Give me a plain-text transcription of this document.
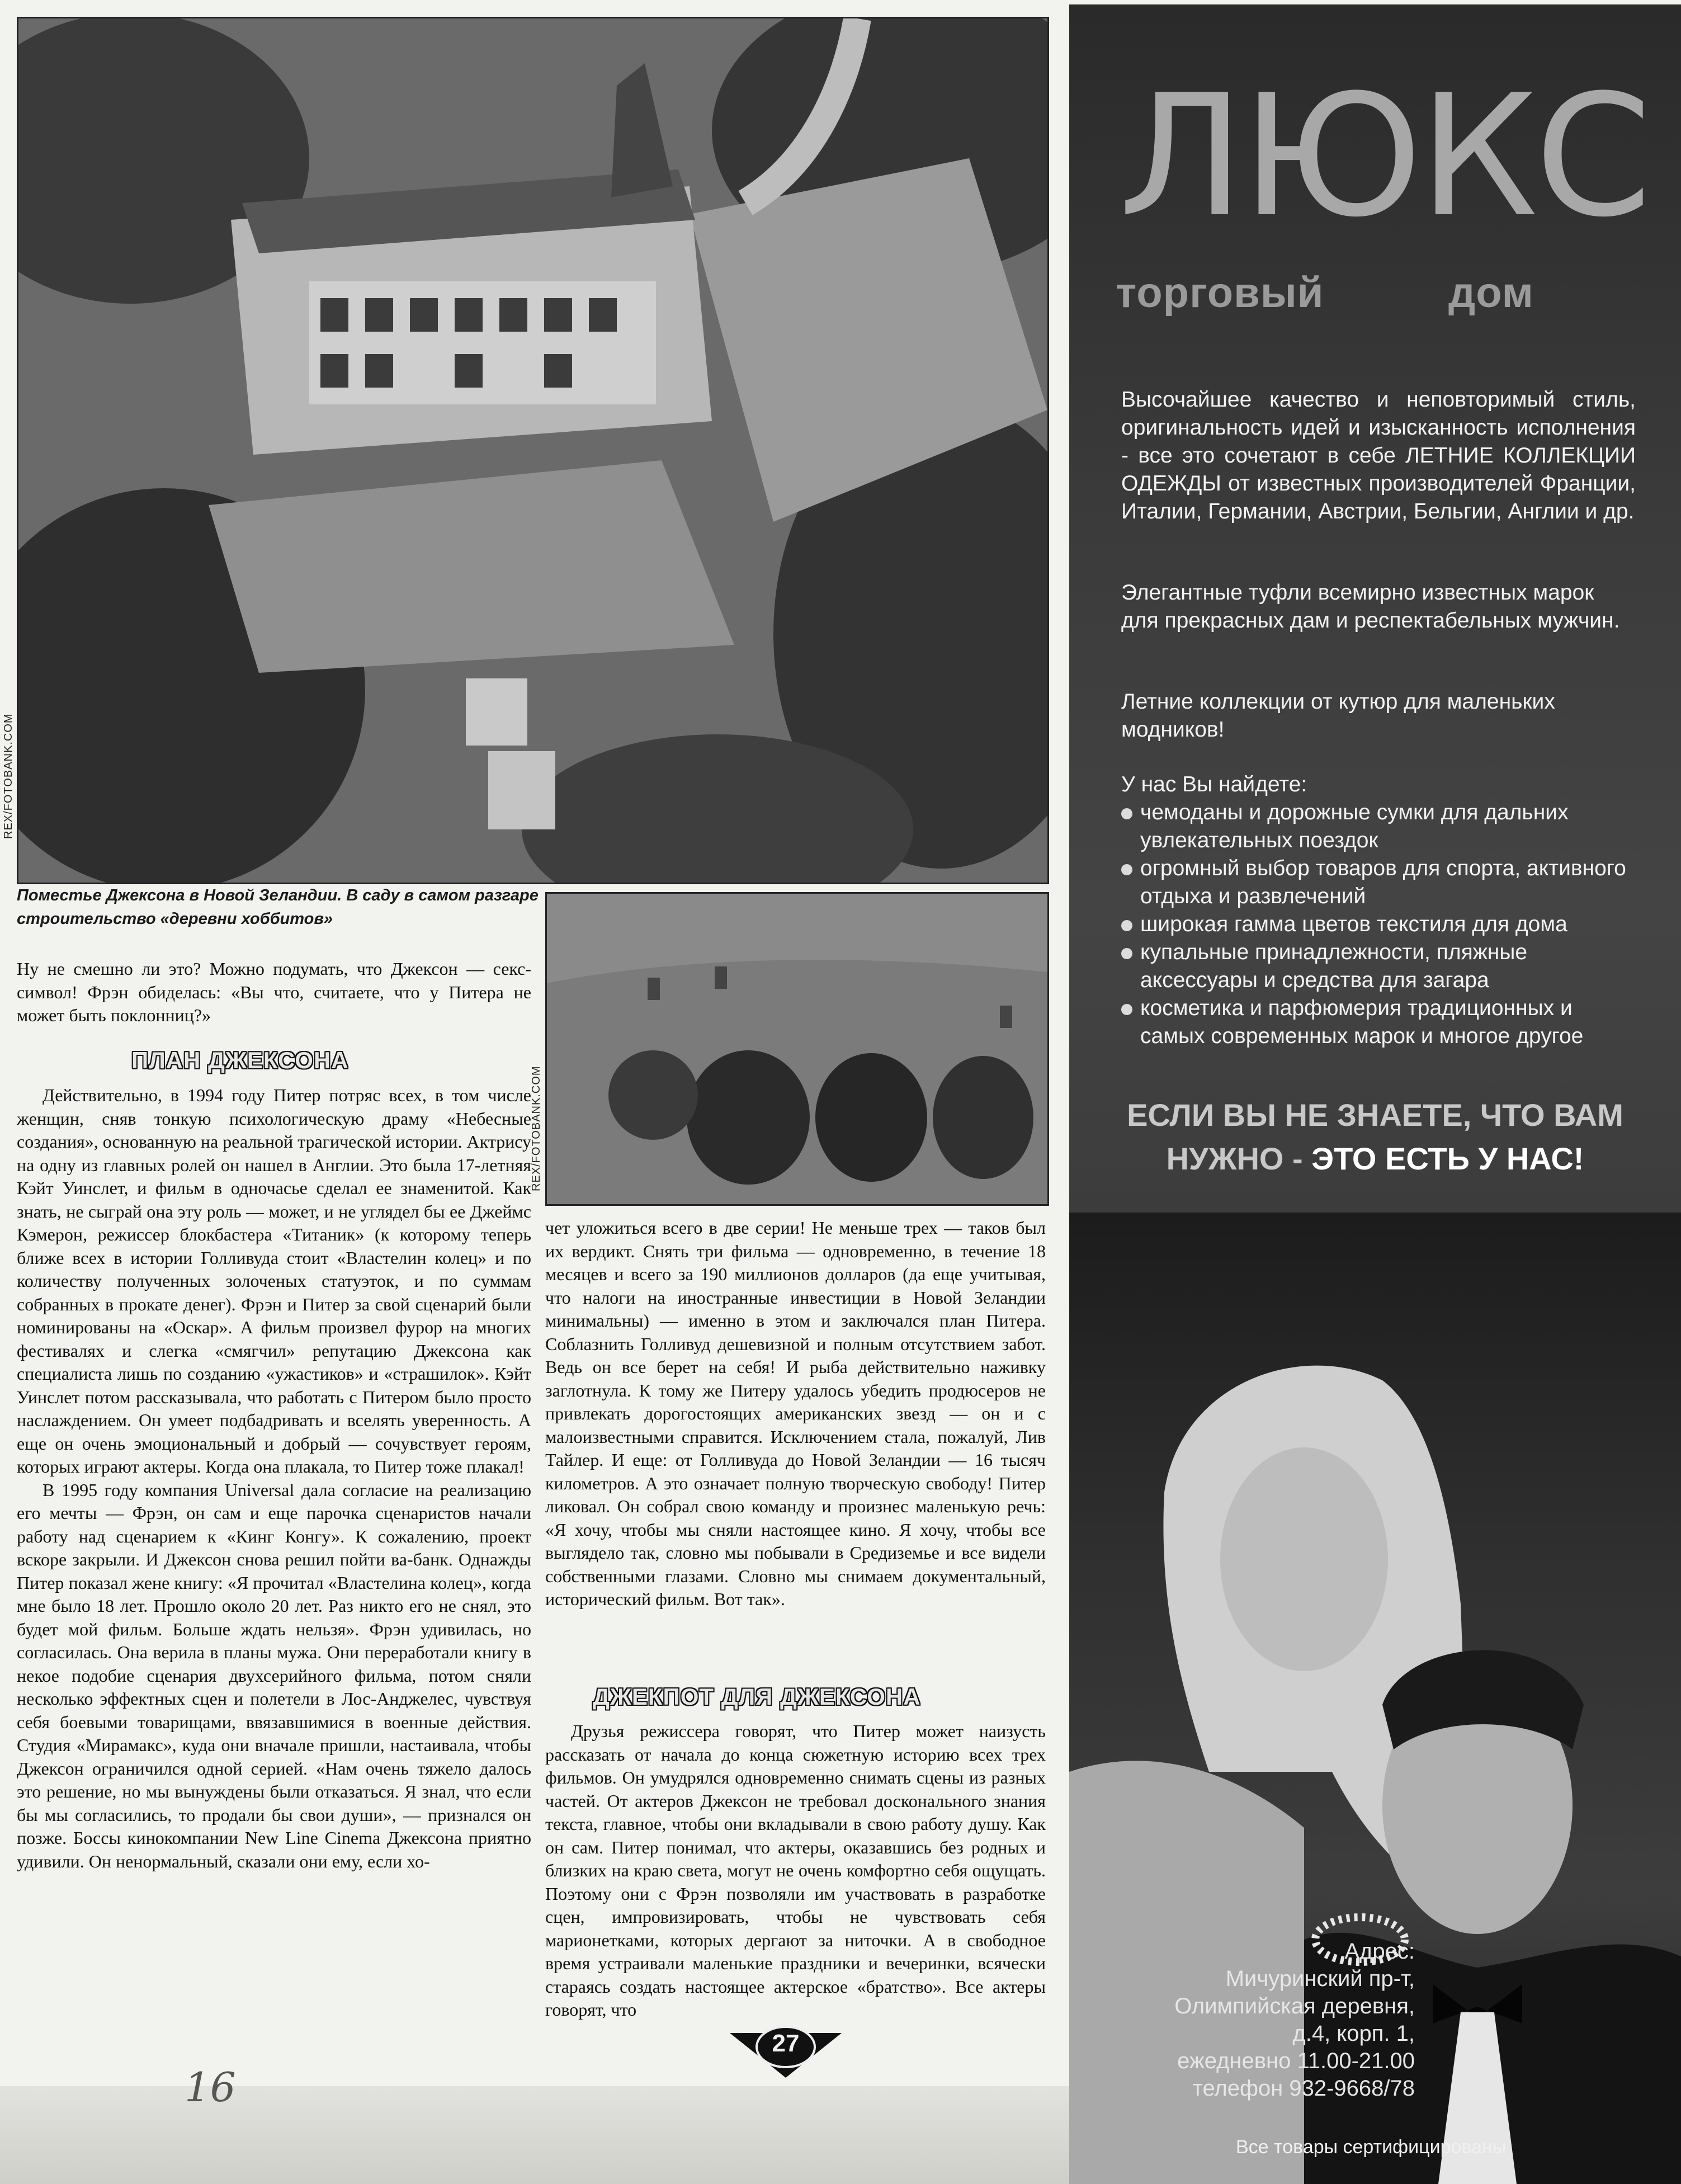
REX/FOTOBANK.COM
Поместье Джексона в Новой Зеландии. В саду в самом разгаре строительство «деревни хоббитов»
REX/FOTOBANK.COM

Ну не смешно ли это? Можно подумать, что Джексон — секс-символ! Фрэн обиделась: «Вы что, считаете, что у Питера не может быть поклонниц?»

ПЛАН ДЖЕКСОНА

Действительно, в 1994 году Питер потряс всех, в том числе женщин, сняв тонкую психологическую драму «Небесные создания», основанную на реальной трагической истории. Актрису на одну из главных ролей он нашел в Англии. Это была 17-летняя Кэйт Уинслет, и фильм в одночасье сделал ее знаменитой. Как знать, не сыграй она эту роль — может, и не углядел бы ее Джеймс Кэмерон, режиссер блокбастера «Титаник» (к которому теперь ближе всех в истории Голливуда стоит «Властелин колец» и по количеству полученных золоченых статуэток, и по суммам собранных в прокате денег). Фрэн и Питер за свой сценарий были номинированы на «Оскар». А фильм произвел фурор на многих фестивалях и слегка «смягчил» репутацию Джексона как специалиста лишь по созданию «ужастиков» и «страшилок». Кэйт Уинслет потом рассказывала, что работать с Питером было просто наслаждением. Он умеет подбадривать и вселять уверенность. А еще он очень эмоциональный и добрый — сочувствует героям, которых играют актеры. Когда она плакала, то Питер тоже плакал!

В 1995 году компания Universal дала согласие на реализацию его мечты — Фрэн, он сам и еще парочка сценаристов начали работу над сценарием к «Кинг Конгу». К сожалению, проект вскоре закрыли. И Джексон снова решил пойти ва-банк. Однажды Питер показал жене книгу: «Я прочитал «Властелина колец», когда мне было 18 лет. Прошло около 20 лет. Раз никто его не снял, это будет мой фильм. Больше ждать нельзя». Фрэн удивилась, но согласилась. Она верила в планы мужа. Они переработали книгу в некое подобие сценария двухсерийного фильма, потом сняли несколько эффектных сцен и полетели в Лос-Анджелес, чувствуя себя боевыми товарищами, ввязавшимися в военные действия. Студия «Мирамакс», куда они вначале пришли, настаивала, чтобы Джексон ограничился одной серией. «Нам очень тяжело далось это решение, но мы вынуждены были отказаться. Я знал, что если бы мы согласились, то продали бы свои души», — признался он позже. Боссы кинокомпании New Line Cinema Джексона приятно удивили. Он ненормальный, сказали они ему, если хо-

чет уложиться всего в две серии! Не меньше трех — таков был их вердикт. Снять три фильма — одновременно, в течение 18 месяцев и всего за 190 миллионов долларов (да еще учитывая, что налоги на иностранные инвестиции в Новой Зеландии минимальны) — именно в этом и заключался план Питера. Соблазнить Голливуд дешевизной и полным отсутствием забот. Ведь он все берет на себя! И рыба действительно наживку заглотнула. К тому же Питеру удалось убедить продюсеров не привлекать дорогостоящих американских звезд — он и с малоизвестными справится. Исключением стала, пожалуй, Лив Тайлер. И еще: от Голливуда до Новой Зеландии — 16 тысяч километров. А это означает полную творческую свободу! Питер ликовал. Он собрал свою команду и произнес маленькую речь: «Я хочу, чтобы мы сняли настоящее кино. Я хочу, чтобы все выглядело так, словно мы побывали в Средиземье и все видели собственными глазами. Словно мы снимаем документальный, исторический фильм. Вот так».

ДЖЕКПОТ ДЛЯ ДЖЕКСОНА

Друзья режиссера говорят, что Питер может наизусть рассказать от начала до конца сюжетную историю всех трех фильмов. Он умудрялся одновременно снимать сцены из разных частей. От актеров Джексон не требовал досконального знания текста, главное, чтобы они вкладывали в свою работу душу. Как он сам. Питер понимал, что актеры, оказавшись без родных и близких на краю света, могут не очень комфортно себя ощущать. Поэтому они с Фрэн позволяли им участвовать в разработке сцен, импровизировать, чтобы не чувствовать себя марионетками, которых дергают за ниточки. А в свободное время устраивали маленькие праздники и вечеринки, всячески стараясь создать настоящее актерское «братство». Все актеры говорят, что

27
16
ЛЮКС
торговый	дом
Высочайшее качество и неповторимый стиль, оригинальность идей и изысканность исполнения - все это сочетают в себе ЛЕТНИЕ КОЛЛЕКЦИИ ОДЕЖДЫ от известных производителей Франции, Италии, Германии, Австрии, Бельгии, Англии и др.
Элегантные туфли всемирно известных марок для прекрасных дам и респектабельных мужчин.
Летние коллекции от кутюр для маленьких модников!
У нас Вы найдете:
чемоданы и дорожные сумки для дальних увлекательных поездок
огромный выбор товаров для спорта, активного отдыха и развлечений
широкая гамма цветов текстиля для дома
купальные принадлежности, пляжные аксессуары и средства для загара
косметика и парфюмерия традиционных и самых современных марок и многое другое
ЕСЛИ ВЫ НЕ ЗНАЕТЕ, ЧТО ВАМ
НУЖНО - ЭТО ЕСТЬ У НАС!
Адрес:
Мичуринский пр-т,
Олимпийская деревня,
д.4, корп. 1,
ежедневно 11.00-21.00
телефон 932-9668/78
Все товары сертифицированы
